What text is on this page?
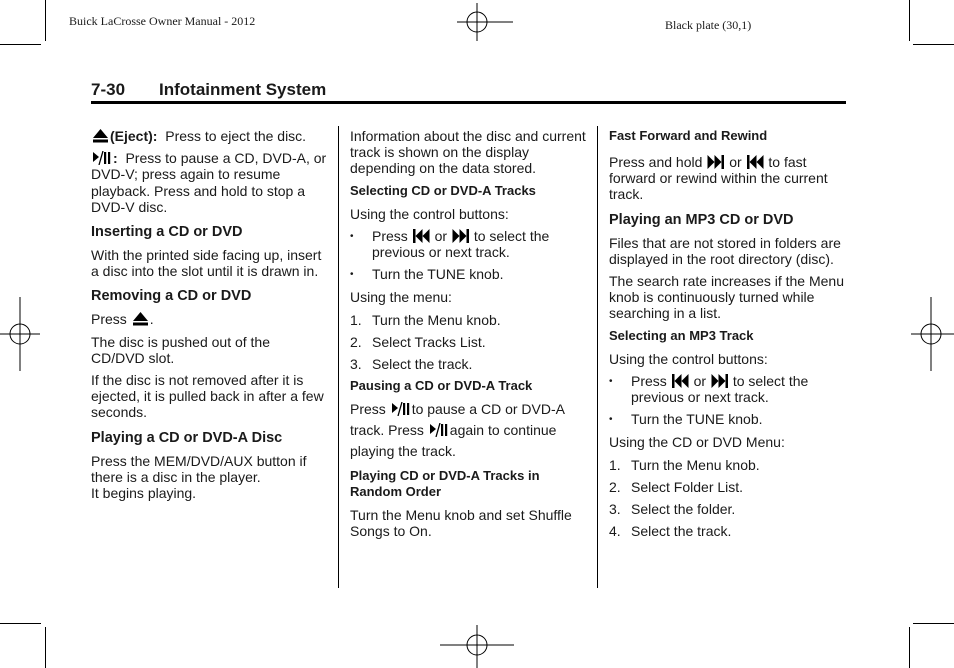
Buick LaCrosse Owner Manual - 2012	Black plate (30,1)
7-30 Infotainment System

(Eject): Press to eject the disc.

: Press to pause a CD, DVD-A, or DVD-V; press again to resume playback. Press and hold to stop a DVD-V disc.

Inserting a CD or DVD

With the printed side facing up, insert a disc into the slot until it is drawn in.

Removing a CD or DVD

Press .

The disc is pushed out of the CD/DVD slot.

If the disc is not removed after it is ejected, it is pulled back in after a few seconds.

Playing a CD or DVD-A Disc

Press the MEM/DVD/AUX button if there is a disc in the player.

It begins playing.

Information about the disc and current track is shown on the display depending on the data stored.

Selecting CD or DVD-A Tracks

Using the control buttons:

•	Press or to select the previous or next track.
•	Turn the TUNE knob.

Using the menu:

1. Turn the Menu knob.
2. Select Tracks List.
3. Select the track.
Pausing a CD or DVD-A Track

Press to pause a CD or DVD-A track. Press again to continue playing the track.

Playing CD or DVD-A Tracks in Random Order

Turn the Menu knob and set Shuffle Songs to On.

Fast Forward and Rewind

Press and hold or to fast forward or rewind within the current track.

Playing an MP3 CD or DVD

Files that are not stored in folders are displayed in the root directory (disc).

The search rate increases if the Menu knob is continuously turned while searching in a list.

Selecting an MP3 Track

Using the control buttons:

•	Press or to select the previous or next track.
•	Turn the TUNE knob.

Using the CD or DVD Menu:

1. Turn the Menu knob.
2. Select Folder List.
3. Select the folder.
4. Select the track.
